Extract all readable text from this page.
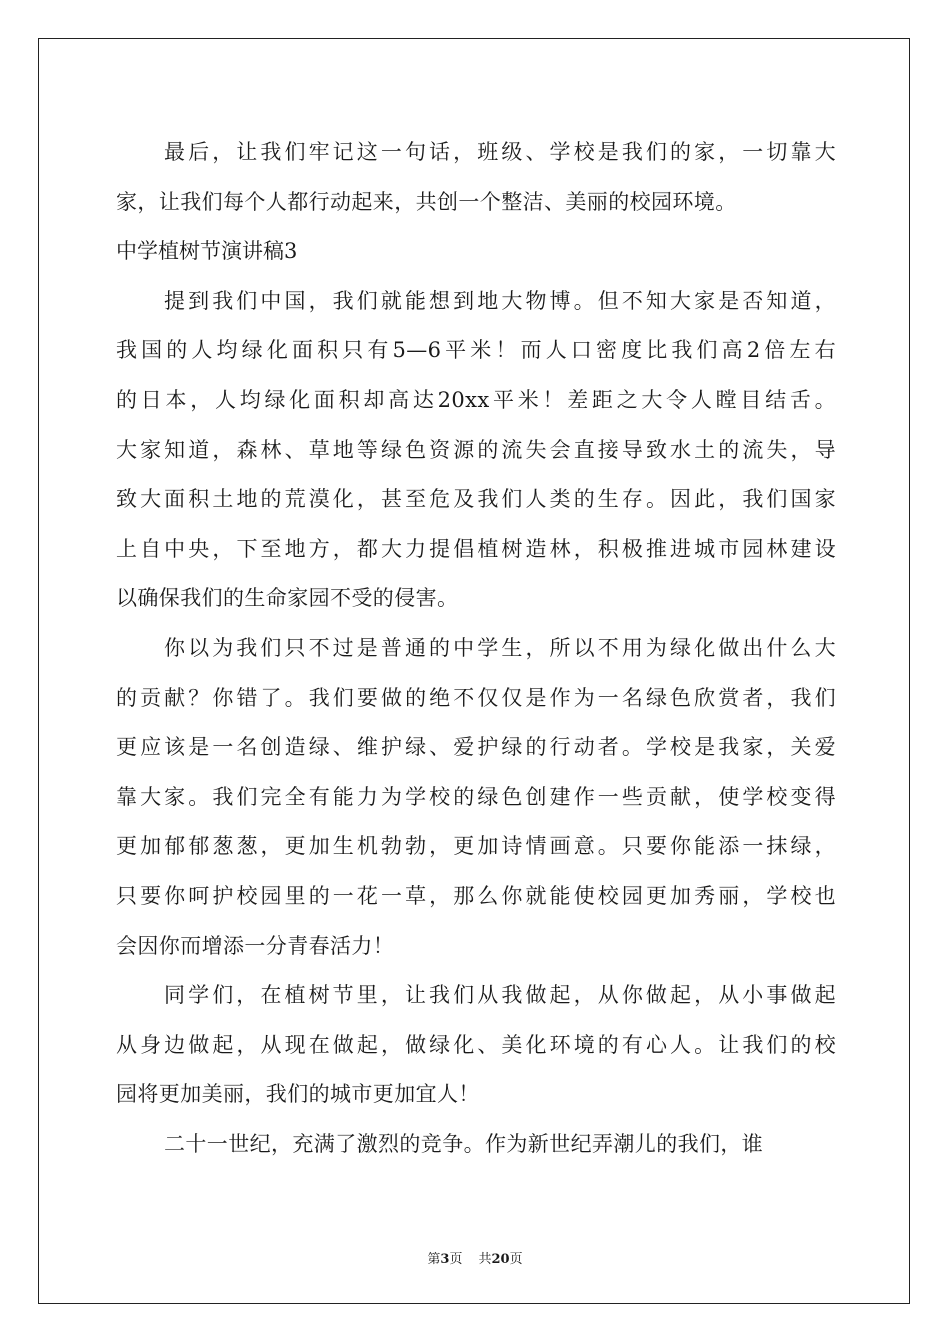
最后，让我们牢记这一句话，班级、学校是我们的家，一切靠大
家，让我们每个人都行动起来，共创一个整洁、美丽的校园环境。
中学植树节演讲稿3
提到我们中国，我们就能想到地大物博。但不知大家是否知道，
我国的人均绿化面积只有5—6平米！而人口密度比我们高2倍左右
的日本，人均绿化面积却高达20xx平米！差距之大令人瞠目结舌。
大家知道，森林、草地等绿色资源的流失会直接导致水土的流失，导
致大面积土地的荒漠化，甚至危及我们人类的生存。因此，我们国家
上自中央，下至地方，都大力提倡植树造林，积极推进城市园林建设
以确保我们的生命家园不受的侵害。
你以为我们只不过是普通的中学生，所以不用为绿化做出什么大
的贡献？你错了。我们要做的绝不仅仅是作为一名绿色欣赏者，我们
更应该是一名创造绿、维护绿、爱护绿的行动者。学校是我家，关爱
靠大家。我们完全有能力为学校的绿色创建作一些贡献，使学校变得
更加郁郁葱葱，更加生机勃勃，更加诗情画意。只要你能添一抹绿，
只要你呵护校园里的一花一草，那么你就能使校园更加秀丽，学校也
会因你而增添一分青春活力！
同学们，在植树节里，让我们从我做起，从你做起，从小事做起
从身边做起，从现在做起，做绿化、美化环境的有心人。让我们的校
园将更加美丽，我们的城市更加宜人！
二十一世纪，充满了激烈的竞争。作为新世纪弄潮儿的我们，谁
第3页 共20页
